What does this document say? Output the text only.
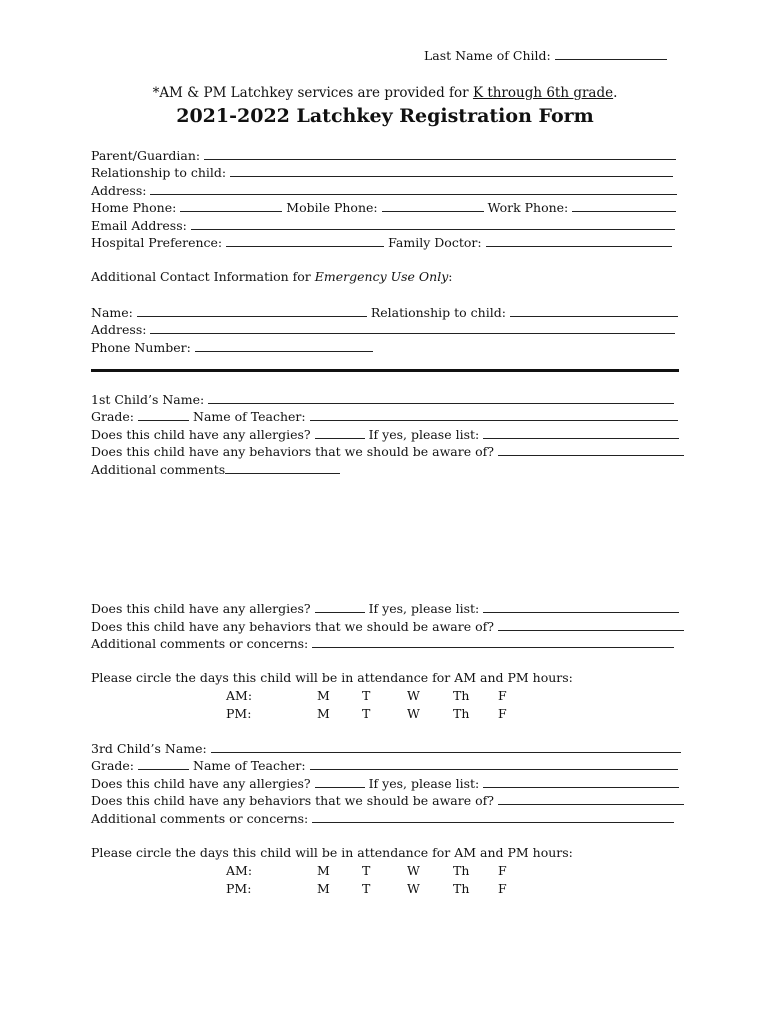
Last Name of Child:
*AM & PM Latchkey services are provided for K through 6th grade.
2021-2022 Latchkey Registration Form
Parent/Guardian:
Relationship to child:
Address:
Home Phone:	Mobile Phone:	Work Phone:
Email Address:
Hospital Preference:	Family Doctor:
Additional Contact Information for Emergency Use Only:
Name:	Relationship to child:
Address:
Phone Number:
1st Child’s Name:
Grade:	Name of Teacher:
Does this child have any allergies?	If yes, please list:
Does this child have any behaviors that we should be aware of?
Additional comments
Does this child have any allergies?	If yes, please list:
Does this child have any behaviors that we should be aware of?
Additional comments or concerns:
Please circle the days this child will be in attendance for AM and PM hours:
AM:	M	T	W	Th F
PM:	M	T	W	Th F
3rd Child’s Name:
Grade:	Name of Teacher:
Does this child have any allergies?	If yes, please list:
Does this child have any behaviors that we should be aware of?
Additional comments or concerns:
Please circle the days this child will be in attendance for AM and PM hours:
AM:	M	T	W	Th F
PM:	M	T	W	Th F
